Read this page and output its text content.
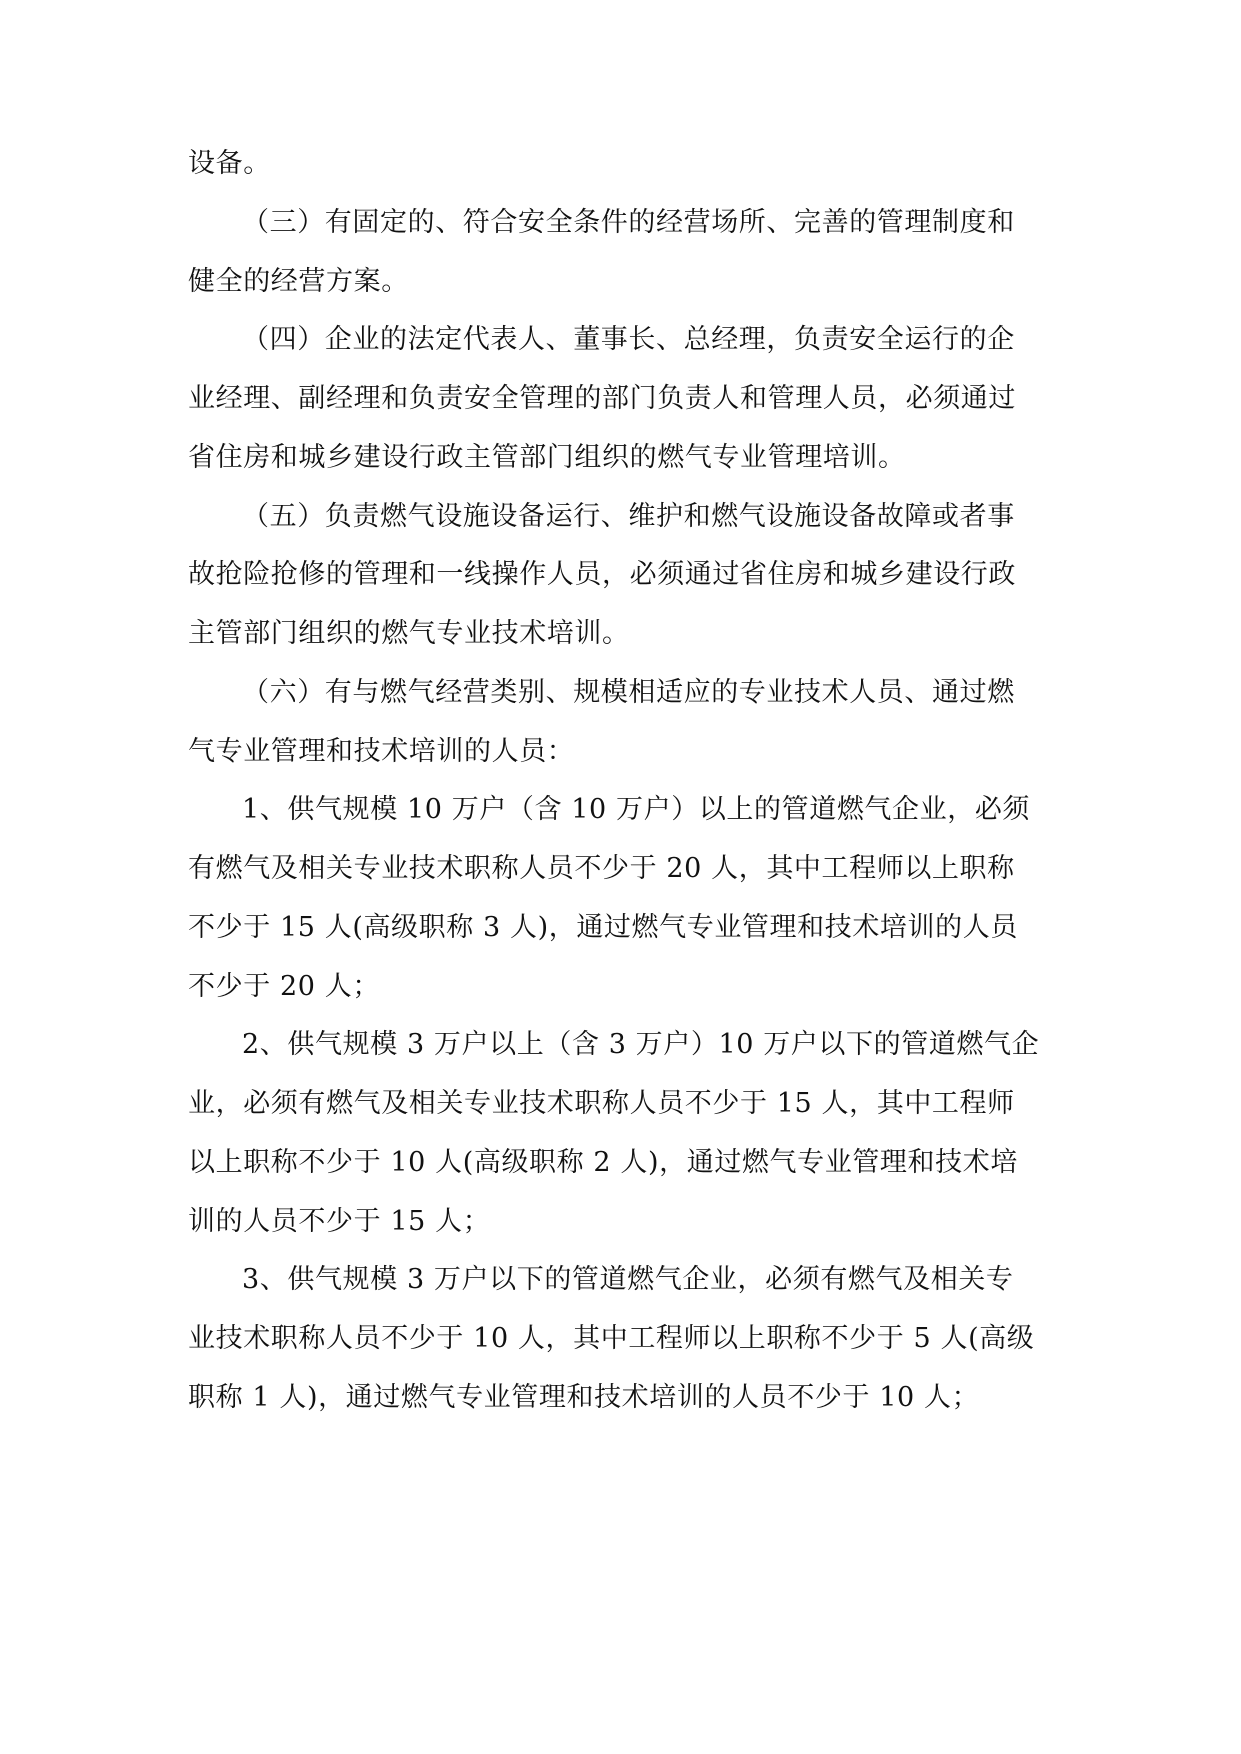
设备。
（三）有固定的、符合安全条件的经营场所、完善的管理制度和
健全的经营方案。
（四）企业的法定代表人、董事长、总经理，负责安全运行的企
业经理、副经理和负责安全管理的部门负责人和管理人员，必须通过
省住房和城乡建设行政主管部门组织的燃气专业管理培训。
（五）负责燃气设施设备运行、维护和燃气设施设备故障或者事
故抢险抢修的管理和一线操作人员，必须通过省住房和城乡建设行政
主管部门组织的燃气专业技术培训。
（六）有与燃气经营类别、规模相适应的专业技术人员、通过燃
气专业管理和技术培训的人员：
1、供气规模 10 万户（含 10 万户）以上的管道燃气企业，必须
有燃气及相关专业技术职称人员不少于 20 人，其中工程师以上职称
不少于 15 人(高级职称 3 人)，通过燃气专业管理和技术培训的人员
不少于 20 人；
2、供气规模 3 万户以上（含 3 万户）10 万户以下的管道燃气企
业，必须有燃气及相关专业技术职称人员不少于 15 人，其中工程师
以上职称不少于 10 人(高级职称 2 人)，通过燃气专业管理和技术培
训的人员不少于 15 人；
3、供气规模 3 万户以下的管道燃气企业，必须有燃气及相关专
业技术职称人员不少于 10 人，其中工程师以上职称不少于 5 人(高级
职称 1 人)，通过燃气专业管理和技术培训的人员不少于 10 人；
